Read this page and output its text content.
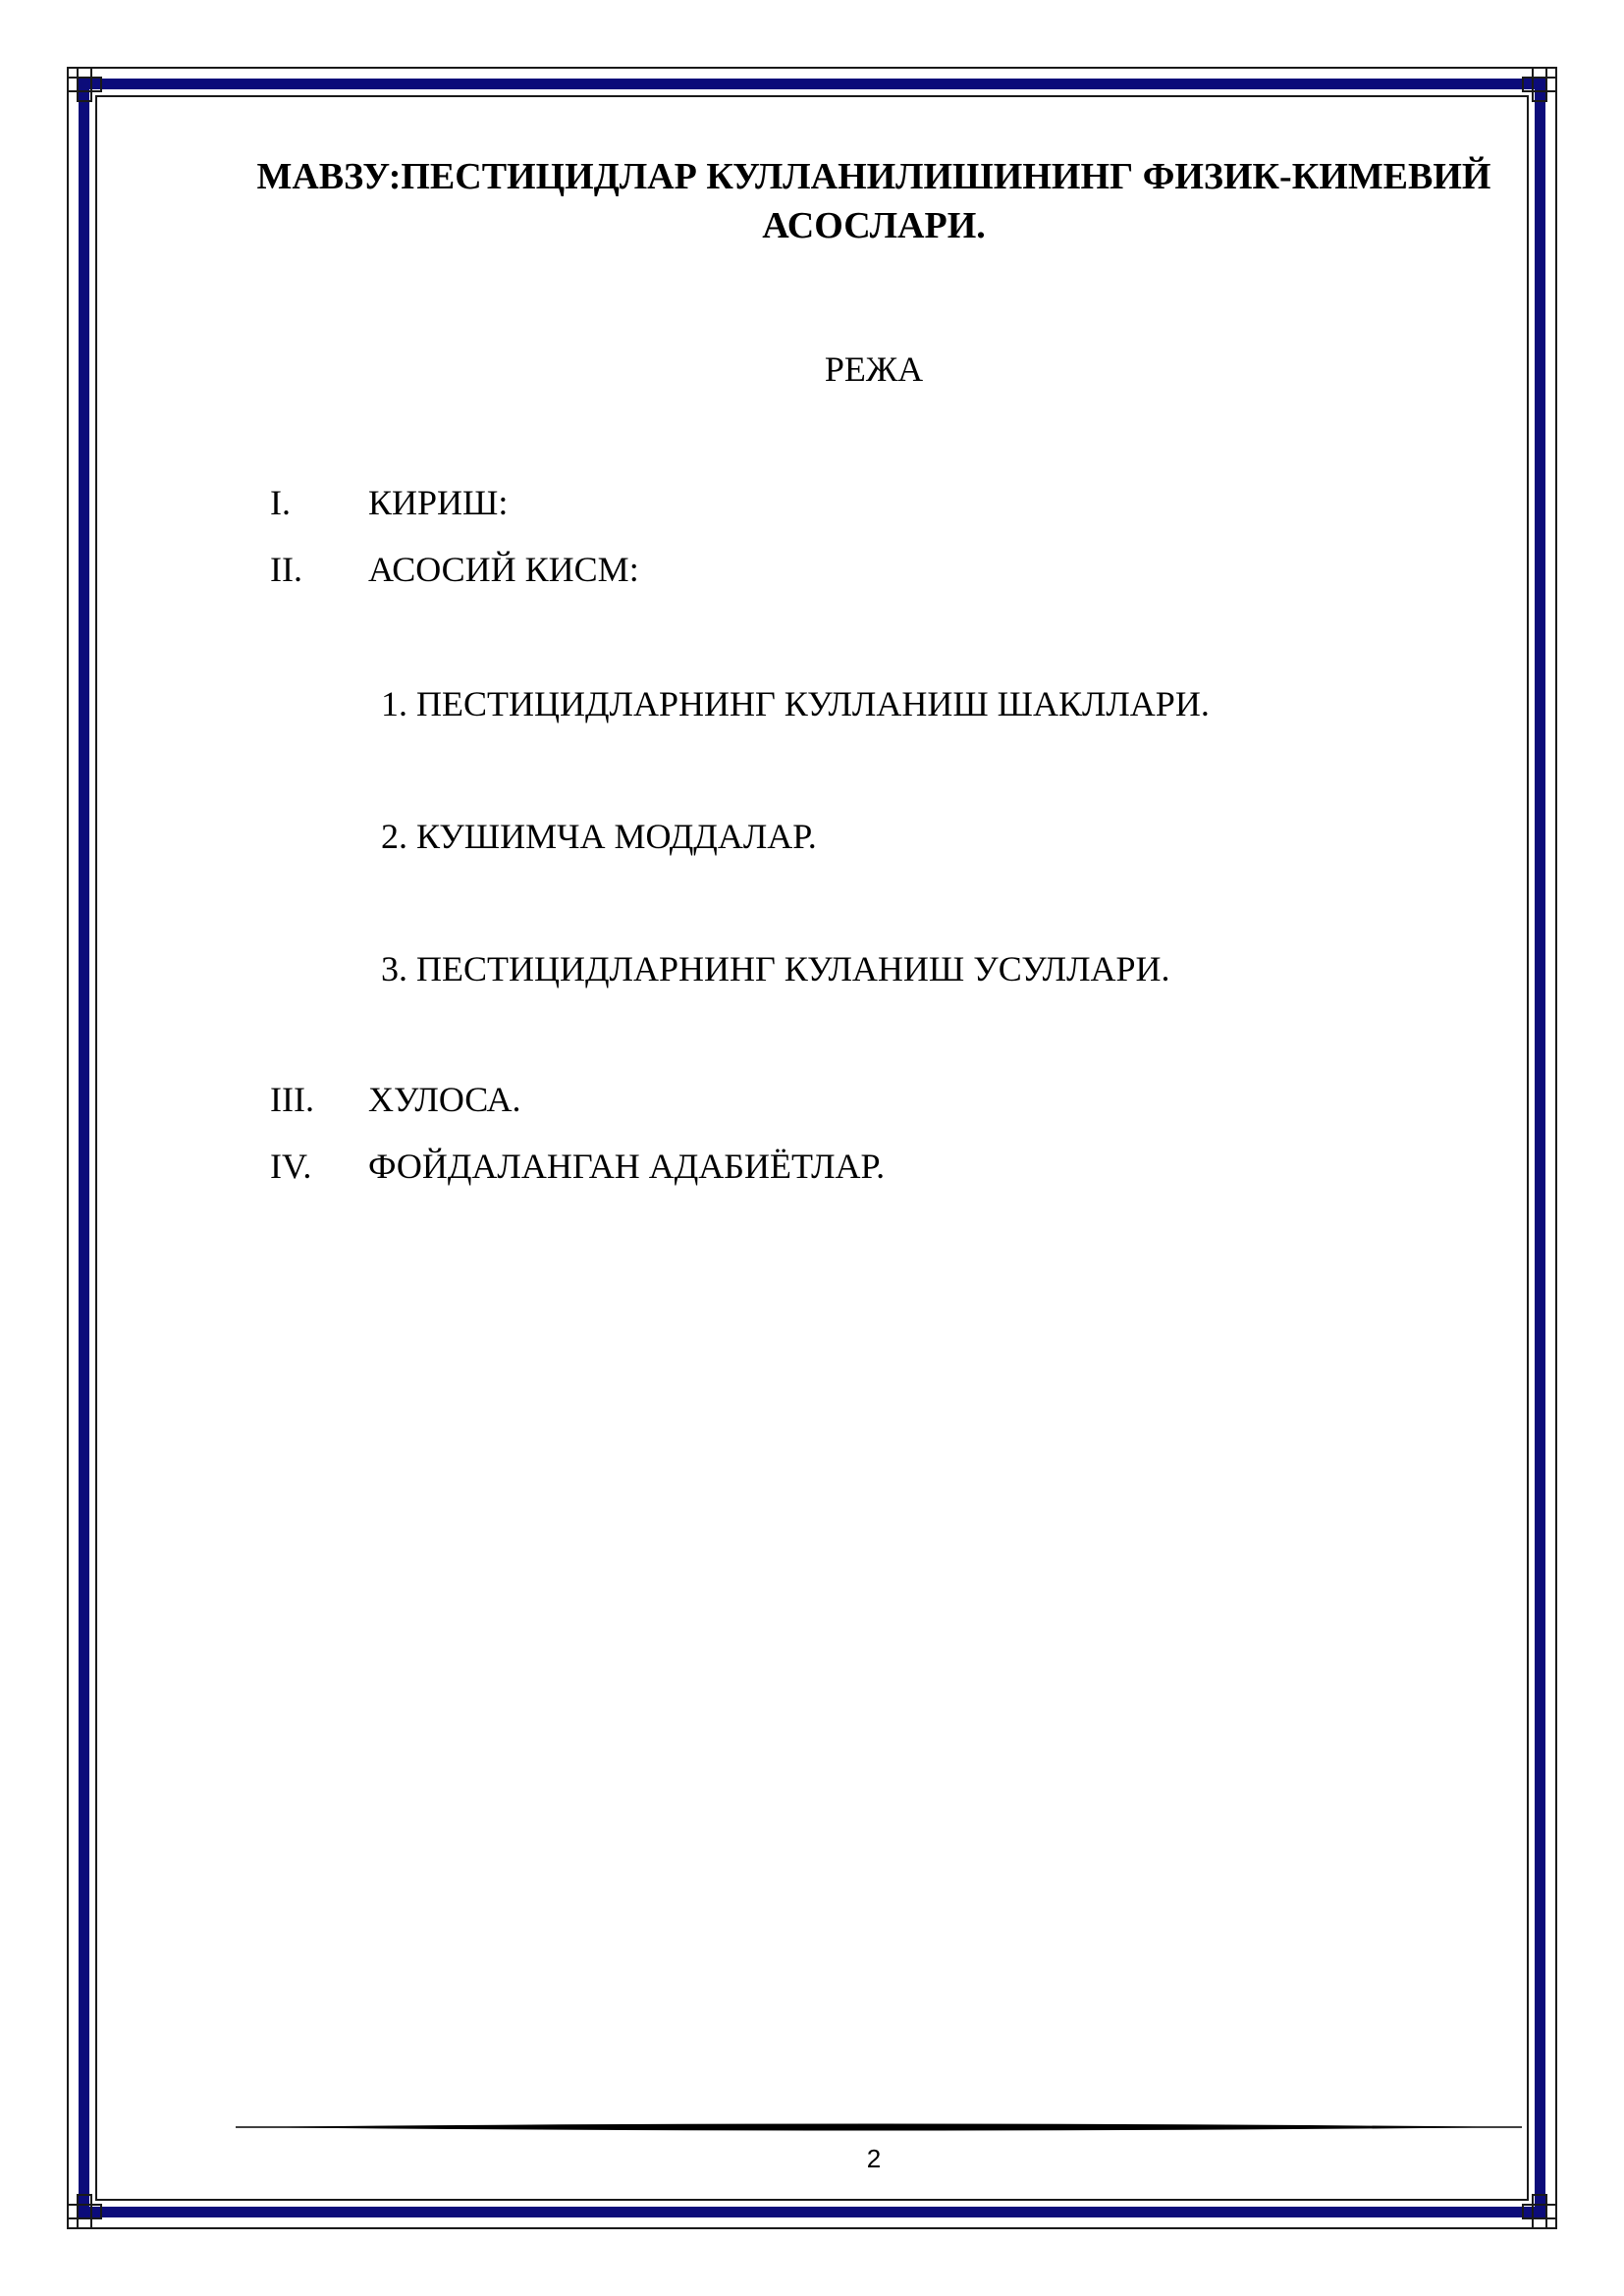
МАВЗУ:ПЕСТИЦИДЛАР КУЛЛАНИЛИШИНИНГ ФИЗИК-КИМЕВИЙ АСОСЛАРИ.
РЕЖА
I. КИРИШ:
II. АСОСИЙ КИСМ:
1. ПЕСТИЦИДЛАРНИНГ КУЛЛАНИШ ШАКЛЛАРИ.
2. КУШИМЧА МОДДАЛАР.
3. ПЕСТИЦИДЛАРНИНГ КУЛАНИШ УСУЛЛАРИ.
III. ХУЛОСА.
IV. ФОЙДАЛАНГАН АДАБИЁТЛАР.
2
